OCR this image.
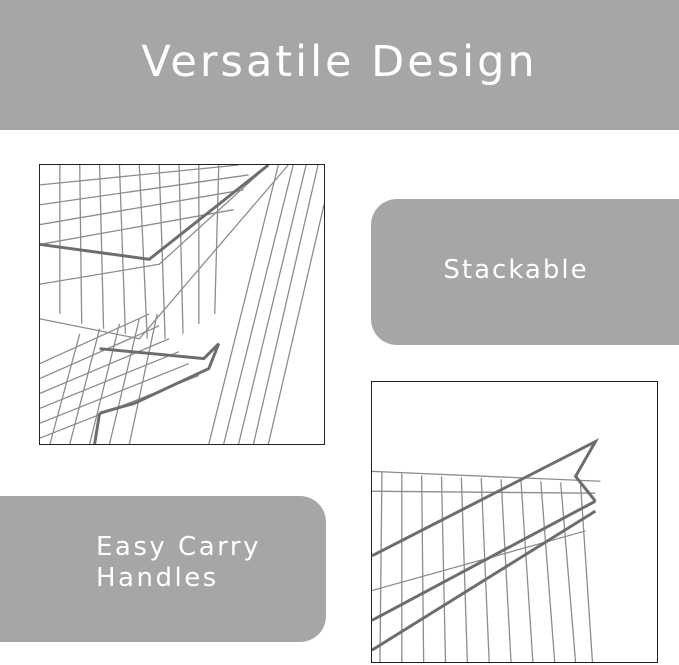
Versatile Design
Stackable
Easy Carry
Handles
